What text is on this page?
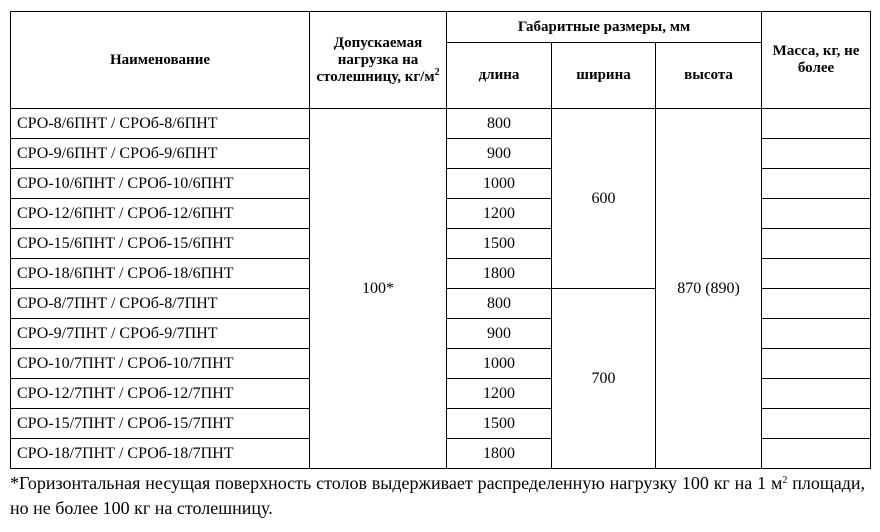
Наименование	Допускаемая нагрузка на столешницу, $кг/м^2$	Габаритные размеры, мм			Масса, кг, не более
		длина	ширина	высота	
СРО-8/6ПНТ / СРОб-8/6ПНТ	100*	800	600	870 (890)	
СРО-9/6ПНТ / СРОб-9/6ПНТ		900			
СРО-10/6ПНТ / СРОб-10/6ПНТ		1000			
СРО-12/6ПНТ / СРОб-12/6ПНТ		1200			
СРО-15/6ПНТ / СРОб-15/6ПНТ		1500			
СРО-18/6ПНТ / СРОб-18/6ПНТ		1800			
СРО-8/7ПНТ / СРОб-8/7ПНТ		800	700		
СРО-9/7ПНТ / СРОб-9/7ПНТ		900			
СРО-10/7ПНТ / СРОб-10/7ПНТ		1000			
СРО-12/7ПНТ / СРОб-12/7ПНТ		1200			
СРО-15/7ПНТ / СРОб-15/7ПНТ		1500			
СРО-18/7ПНТ / СРОб-18/7ПНТ		1800			
*Горизонтальная несущая поверхность столов выдерживает распределенную нагрузку 100 кг на 1 $м^2$ площади, но не более 100 кг на столешницу.
